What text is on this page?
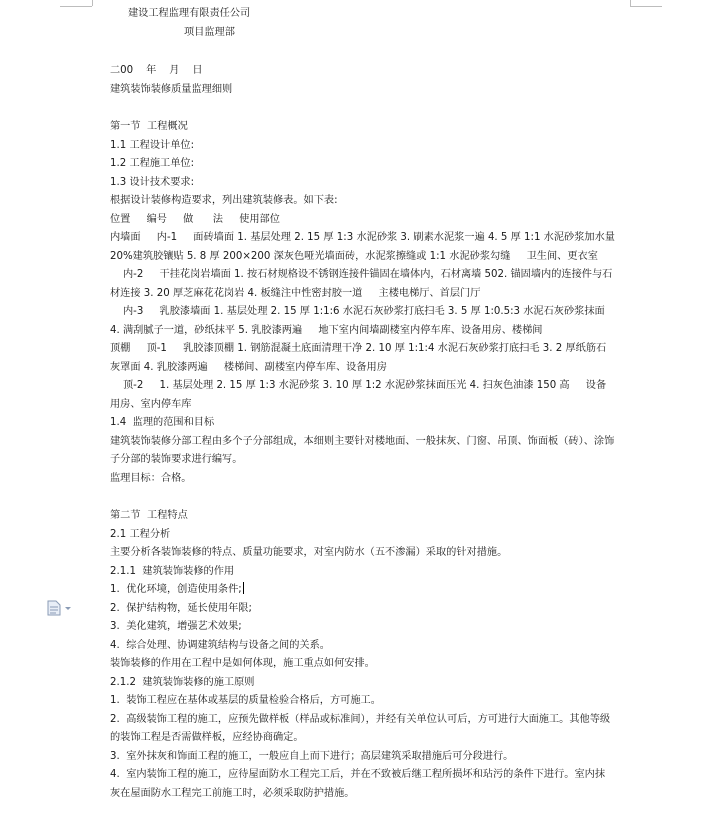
建设工程监理有限责任公司
项目监理部
二00    年    月    日
建筑装饰装修质量监理细则
第一节  工程概况
1.1 工程设计单位:
1.2 工程施工单位:
1.3 设计技术要求:
根据设计装修构造要求，列出建筑装修表。如下表:
位置     编号     做      法     使用部位
内墙面     内-1     面砖墙面 1. 基层处理 2. 15 厚 1:3 水泥砂浆 3. 刷素水泥浆一遍 4. 5 厚 1:1 水泥砂浆加水量 20%建筑胶镶贴 5. 8 厚 200×200 深灰色哑光墙面砖，水泥浆擦缝或 1:1 水泥砂浆勾缝     卫生间、更衣室
内-2     干挂花岗岩墙面 1. 按石材规格设不锈钢连接件锚固在墙体内，石材离墙 502. 锚固墙内的连接件与石材连接 3. 20 厚芝麻花花岗岩 4. 板缝注中性密封胶一道     主楼电梯厅、首层门厅
内-3     乳胶漆墙面 1. 基层处理 2. 15 厚 1:1:6 水泥石灰砂浆打底扫毛 3. 5 厚 1:0.5:3 水泥石灰砂浆抹面 4. 满刮腻子一道，砂纸抹平 5. 乳胶漆两遍     地下室内间墙副楼室内停车库、设备用房、楼梯间
顶棚     顶-1     乳胶漆顶棚 1. 钢筋混凝土底面清理干净 2. 10 厚 1:1:4 水泥石灰砂浆打底扫毛 3. 2 厚纸筋石灰罩面 4. 乳胶漆两遍     楼梯间、副楼室内停车库、设备用房
顶-2     1. 基层处理 2. 15 厚 1:3 水泥砂浆 3. 10 厚 1:2 水泥砂浆抹面压光 4. 扫灰色油漆 150 高     设备用房、室内停车库
1.4  监理的范围和目标
建筑装饰装修分部工程由多个子分部组成，本细则主要针对楼地面、一般抹灰、门窗、吊顶、饰面板（砖）、涂饰子分部的装饰要求进行编写。
监理目标：合格。
第二节  工程特点
2.1 工程分析
主要分析各装饰装修的特点、质量功能要求，对室内防水（五不渗漏）采取的针对措施。
2.1.1  建筑装饰装修的作用
1.  优化环境，创造使用条件;
2.  保护结构物，延长使用年限;
3.  美化建筑，增强艺术效果;
4.  综合处理、协调建筑结构与设备之间的关系。
装饰装修的作用在工程中是如何体现，施工重点如何安排。
2.1.2  建筑装饰装修的施工原则
1.  装饰工程应在基体或基层的质量检验合格后，方可施工。
2.  高级装饰工程的施工，应预先做样板（样品或标准间），并经有关单位认可后，方可进行大面施工。其他等级的装饰工程是否需做样板，应经协商确定。
3.  室外抹灰和饰面工程的施工，一般应自上而下进行；高层建筑采取措施后可分段进行。
4.  室内装饰工程的施工，应待屋面防水工程完工后，并在不致被后继工程所损坏和玷污的条件下进行。室内抹灰在屋面防水工程完工前施工时，必须采取防护措施。
